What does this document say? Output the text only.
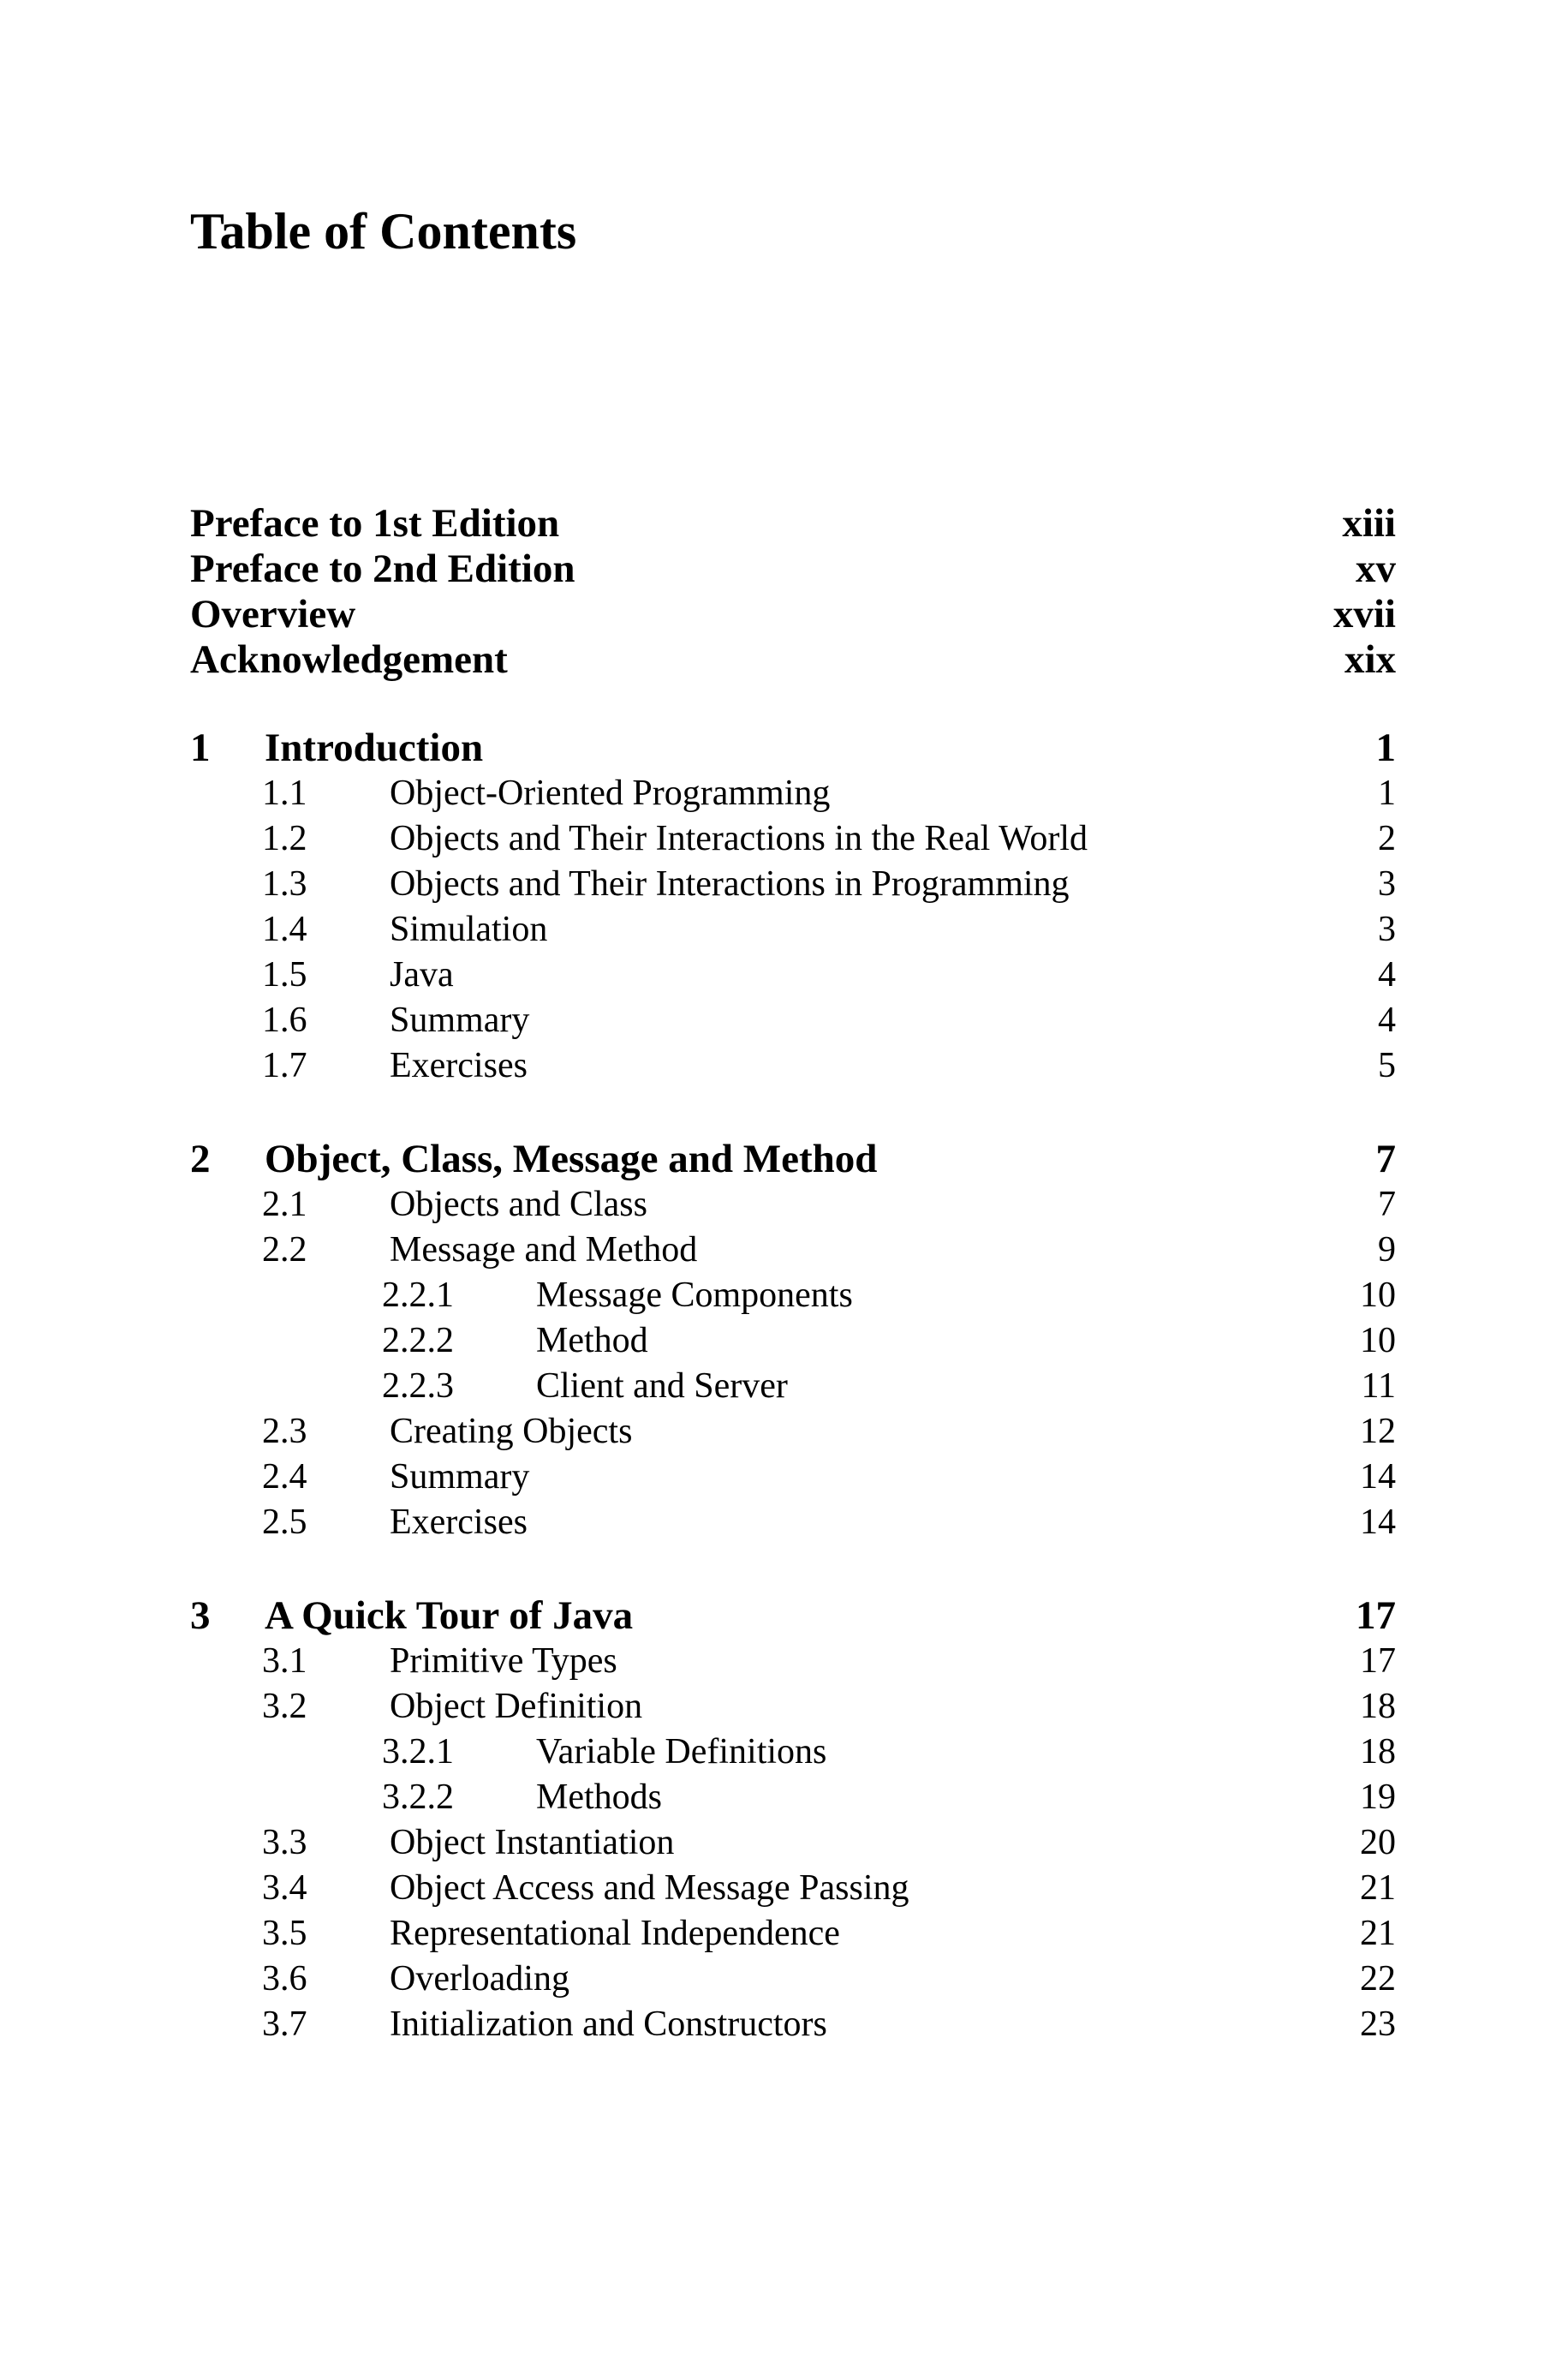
Table of Contents
Preface to 1st Edition	xiii
Preface to 2nd Edition	xv
Overview	xvii
Acknowledgement	xix
1 Introduction	1
1.1 Object-Oriented Programming	1
1.2 Objects and Their Interactions in the Real World	2
1.3 Objects and Their Interactions in Programming	3
1.4 Simulation	3
1.5 Java	4
1.6 Summary	4
1.7 Exercises	5
2 Object, Class, Message and Method	7
2.1 Objects and Class	7
2.2 Message and Method	9
2.2.1 Message Components	10
2.2.2 Method	10
2.2.3 Client and Server	11
2.3 Creating Objects	12
2.4 Summary	14
2.5 Exercises	14
3 A Quick Tour of Java	17
3.1 Primitive Types	17
3.2 Object Definition	18
3.2.1 Variable Definitions	18
3.2.2 Methods	19
3.3 Object Instantiation	20
3.4 Object Access and Message Passing	21
3.5 Representational Independence	21
3.6 Overloading	22
3.7 Initialization and Constructors	23
